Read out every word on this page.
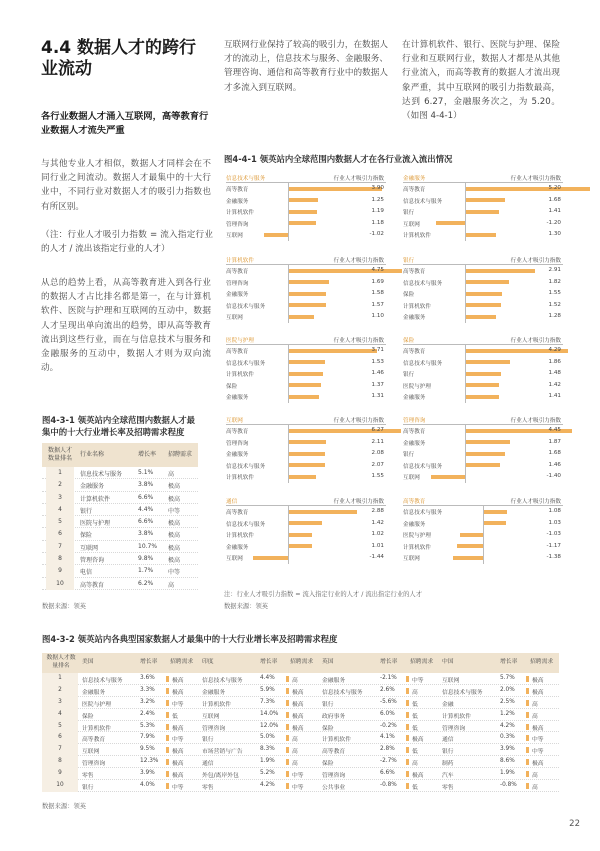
4.4 数据人才的跨行业流动
各行业数据人才涌入互联网，高等教育行业数据人才流失严重
与其他专业人才相似，数据人才同样会在不同行业之间流动。数据人才最集中的十大行业中，不同行业对数据人才的吸引力指数也有所区别。
（注：行业人才吸引力指数 = 流入指定行业的人才 / 流出该指定行业的人才）
从总的趋势上看，从高等教育进入到各行业的数据人才占比排名都是第一，在与计算机软件、医院与护理和互联网的互动中，数据人才呈现出单向流出的趋势，即从高等教育流出到这些行业，而在与信息技术与服务和金融服务的互动中，数据人才则为双向流动。
互联网行业保持了较高的吸引力，在数据人才的流动上，信息技术与服务、金融服务、管理咨询、通信和高等教育行业中的数据人才多流入到互联网。
在计算机软件、银行、医院与护理、保险行业和互联网行业，数据人才都是从其他行业流入，而高等教育的数据人才流出现象严重，其中互联网的吸引力指数最高，达到 6.27，金融服务次之，为 5.20。（如图 4-4-1）
图4-3-1 领英站内全球范围内数据人才最集中的十大行业增长率及招聘需求程度
数据人才数量排名
行业名称	增长率 招聘需求
1	信息技术与服务	5.1% 高
2	金融服务	3.8% 极高
3	计算机软件	6.6% 极高
4	银行	4.4% 中等
5	医院与护理	6.6% 极高
6	保险	3.8% 极高
7	互联网	10.7% 极高
8	管理咨询	9.8% 极高
9	电信	1.7% 中等
10	高等教育	6.2% 高
数据来源：领英
图4-4-1 领英站内全球范围内数据人才在各行业流入流出情况
信息技术与服务	行业人才吸引力指数
高等教育	3.90
金融服务	1.25
计算机软件	1.19
管理咨询	1.18
互联网	-1.02
金融服务	行业人才吸引力指数
高等教育	5.20
信息技术与服务	1.68
银行	1.41
互联网	-1.20
计算机软件	1.30
计算机软件	行业人才吸引力指数
高等教育	4.75
管理咨询	1.69
金融服务	1.58
信息技术与服务	1.57
互联网	1.10
银行	行业人才吸引力指数
高等教育	2.91
信息技术与服务	1.82
保险	1.55
计算机软件	1.52
金融服务	1.28
医院与护理	行业人才吸引力指数
高等教育	3.71
信息技术与服务	1.53
计算机软件	1.46
保险	1.37
金融服务	1.31
保险	行业人才吸引力指数
高等教育	4.29
信息技术与服务	1.86
银行	1.48
医院与护理	1.42
金融服务	1.41
互联网	行业人才吸引力指数
高等教育	6.27
管理咨询	2.11
金融服务	2.08
信息技术与服务	2.07
计算机软件	1.55
管理咨询	行业人才吸引力指数
高等教育	4.45
金融服务	1.87
银行	1.68
信息技术与服务	1.46
互联网	-1.40
通信	行业人才吸引力指数
高等教育	2.88
信息技术与服务	1.42
计算机软件	1.02
金融服务	1.01
互联网	-1.44
高等教育	行业人才吸引力指数
信息技术与服务	1.08
金融服务	1.03
医院与护理	-1.03
计算机软件	-1.17
互联网	-1.38
注：行业人才吸引力指数 = 流入指定行业的人才 / 流出指定行业的人才
数据来源：领英
图4-3-2 领英站内各典型国家数据人才最集中的十大行业增长率及招聘需求程度
数据人才数量排名
美国	增长率 招聘需求 印度	增长率 招聘需求 英国	增长率 招聘需求 中国	增长率 招聘需求
1	信息技术与服务	3.6%	极高	信息技术与服务	4.4%	高	金融服务	-2.1%	中等	互联网	5.7%	极高
2	金融服务	3.3%	极高	金融服务	5.9%	极高	信息技术与服务	2.6%	高	信息技术与服务	2.0%	极高
3	医院与护理	3.2%	中等	计算机软件	7.3%	极高	银行	-5.6%	低	金融	2.5%	高
4	保险	2.4%	低	互联网	14.0% 极高	政府事务	6.0%	低	计算机软件	1.2%	高
5	计算机软件	5.3%	极高	管理咨询	12.0% 极高	保险	-0.2%	低	管理咨询	4.2%	极高
6	高等教育	7.9%	中等	银行	5.0%	高	计算机软件	4.1%	极高	通信	0.3%	中等
7	互联网	9.5%	极高	市场营销与广告	8.3%	高	高等教育	2.8%	低	银行	3.9%	中等
8	管理咨询	12.3% 极高	通信	1.9%	高	保险	-2.7%	高	制药	8.6%	极高
9	零售	3.9%	极高	外包/离岸外包	5.2%	中等	管理咨询	6.6%	极高	汽车	1.9%	高
10	银行	4.0%	中等	零售	4.2%	中等	公共事业	-0.8%	低	零售	-0.8%	高
数据来源：领英
22
